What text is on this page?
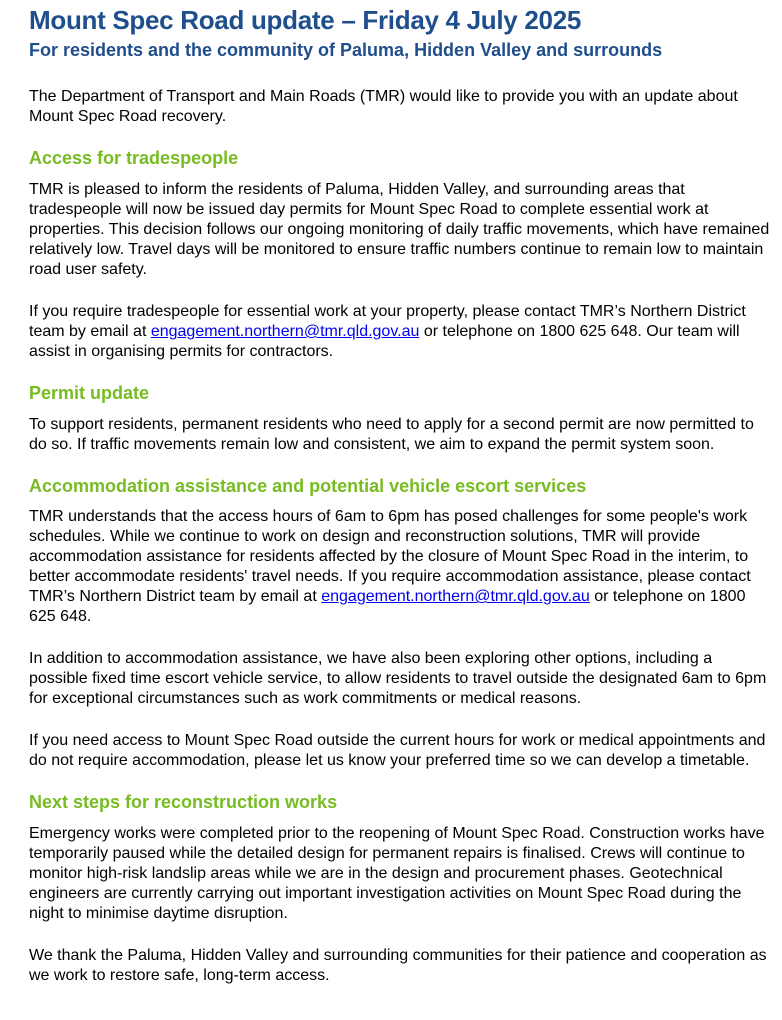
Mount Spec Road update – Friday 4 July 2025
For residents and the community of Paluma, Hidden Valley and surrounds

The Department of Transport and Main Roads (TMR) would like to provide you with an update about Mount Spec Road recovery.

Access for tradespeople

TMR is pleased to inform the residents of Paluma, Hidden Valley, and surrounding areas that tradespeople will now be issued day permits for Mount Spec Road to complete essential work at properties. This decision follows our ongoing monitoring of daily traffic movements, which have remained relatively low. Travel days will be monitored to ensure traffic numbers continue to remain low to maintain road user safety.

If you require tradespeople for essential work at your property, please contact TMR’s Northern District team by email at engagement.northern@tmr.qld.gov.au or telephone on 1800 625 648. Our team will assist in organising permits for contractors.

Permit update

To support residents, permanent residents who need to apply for a second permit are now permitted to do so. If traffic movements remain low and consistent, we aim to expand the permit system soon.

Accommodation assistance and potential vehicle escort services

TMR understands that the access hours of 6am to 6pm has posed challenges for some people's work schedules. While we continue to work on design and reconstruction solutions, TMR will provide accommodation assistance for residents affected by the closure of Mount Spec Road in the interim, to better accommodate residents' travel needs. If you require accommodation assistance, please contact TMR’s Northern District team by email at engagement.northern@tmr.qld.gov.au or telephone on 1800 625 648.

In addition to accommodation assistance, we have also been exploring other options, including a possible fixed time escort vehicle service, to allow residents to travel outside the designated 6am to 6pm for exceptional circumstances such as work commitments or medical reasons.

If you need access to Mount Spec Road outside the current hours for work or medical appointments and do not require accommodation, please let us know your preferred time so we can develop a timetable.

Next steps for reconstruction works

Emergency works were completed prior to the reopening of Mount Spec Road. Construction works have temporarily paused while the detailed design for permanent repairs is finalised. Crews will continue to monitor high-risk landslip areas while we are in the design and procurement phases. Geotechnical engineers are currently carrying out important investigation activities on Mount Spec Road during the night to minimise daytime disruption.

We thank the Paluma, Hidden Valley and surrounding communities for their patience and cooperation as we work to restore safe, long-term access.
